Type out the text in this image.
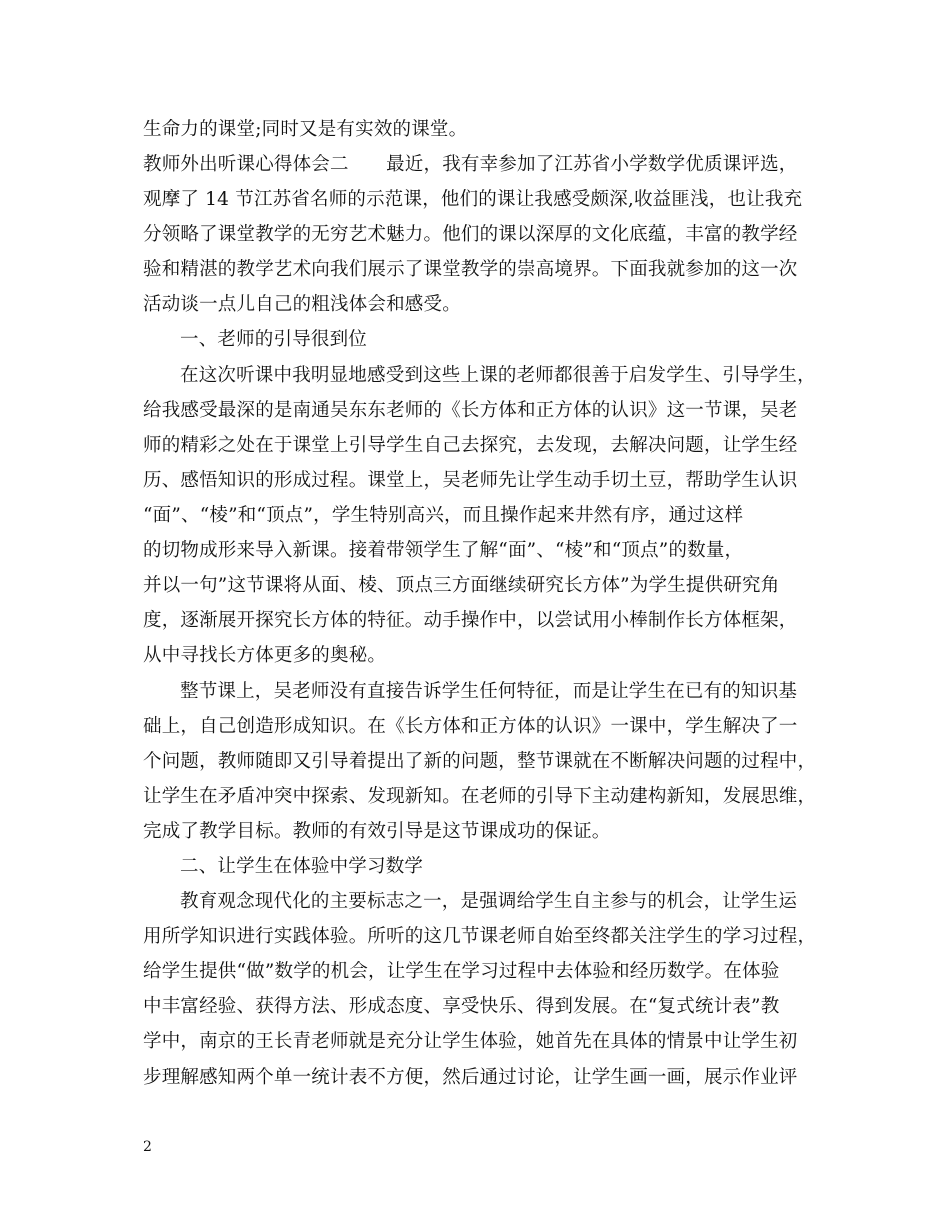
生命力的课堂;同时又是有实效的课堂。
教师外出听课心得体会二　　最近，我有幸参加了江苏省小学数学优质课评选，
观摩了 14 节江苏省名师的示范课，他们的课让我感受颇深,收益匪浅，也让我充
分领略了课堂教学的无穷艺术魅力。他们的课以深厚的文化底蕴，丰富的教学经
验和精湛的教学艺术向我们展示了课堂教学的崇高境界。下面我就参加的这一次
活动谈一点儿自己的粗浅体会和感受。
一、老师的引导很到位
在这次听课中我明显地感受到这些上课的老师都很善于启发学生、引导学生，
给我感受最深的是南通吴东东老师的《长方体和正方体的认识》这一节课，吴老
师的精彩之处在于课堂上引导学生自己去探究，去发现，去解决问题，让学生经
历、感悟知识的形成过程。课堂上，吴老师先让学生动手切土豆，帮助学生认识
“面”、“棱”和“顶点”，学生特别高兴，而且操作起来井然有序，通过这样
的切物成形来导入新课。接着带领学生了解“面”、“棱”和“顶点”的数量，
并以一句”这节课将从面、棱、顶点三方面继续研究长方体”为学生提供研究角
度，逐渐展开探究长方体的特征。动手操作中，以尝试用小棒制作长方体框架，
从中寻找长方体更多的奥秘。
整节课上，吴老师没有直接告诉学生任何特征，而是让学生在已有的知识基
础上，自己创造形成知识。在《长方体和正方体的认识》一课中，学生解决了一
个问题，教师随即又引导着提出了新的问题，整节课就在不断解决问题的过程中，
让学生在矛盾冲突中探索、发现新知。在老师的引导下主动建构新知，发展思维，
完成了教学目标。教师的有效引导是这节课成功的保证。
二、让学生在体验中学习数学
教育观念现代化的主要标志之一，是强调给学生自主参与的机会，让学生运
用所学知识进行实践体验。所听的这几节课老师自始至终都关注学生的学习过程，
给学生提供“做”数学的机会，让学生在学习过程中去体验和经历数学。在体验
中丰富经验、获得方法、形成态度、享受快乐、得到发展。在“复式统计表”教
学中，南京的王长青老师就是充分让学生体验，她首先在具体的情景中让学生初
步理解感知两个单一统计表不方便，然后通过讨论，让学生画一画，展示作业评
2
